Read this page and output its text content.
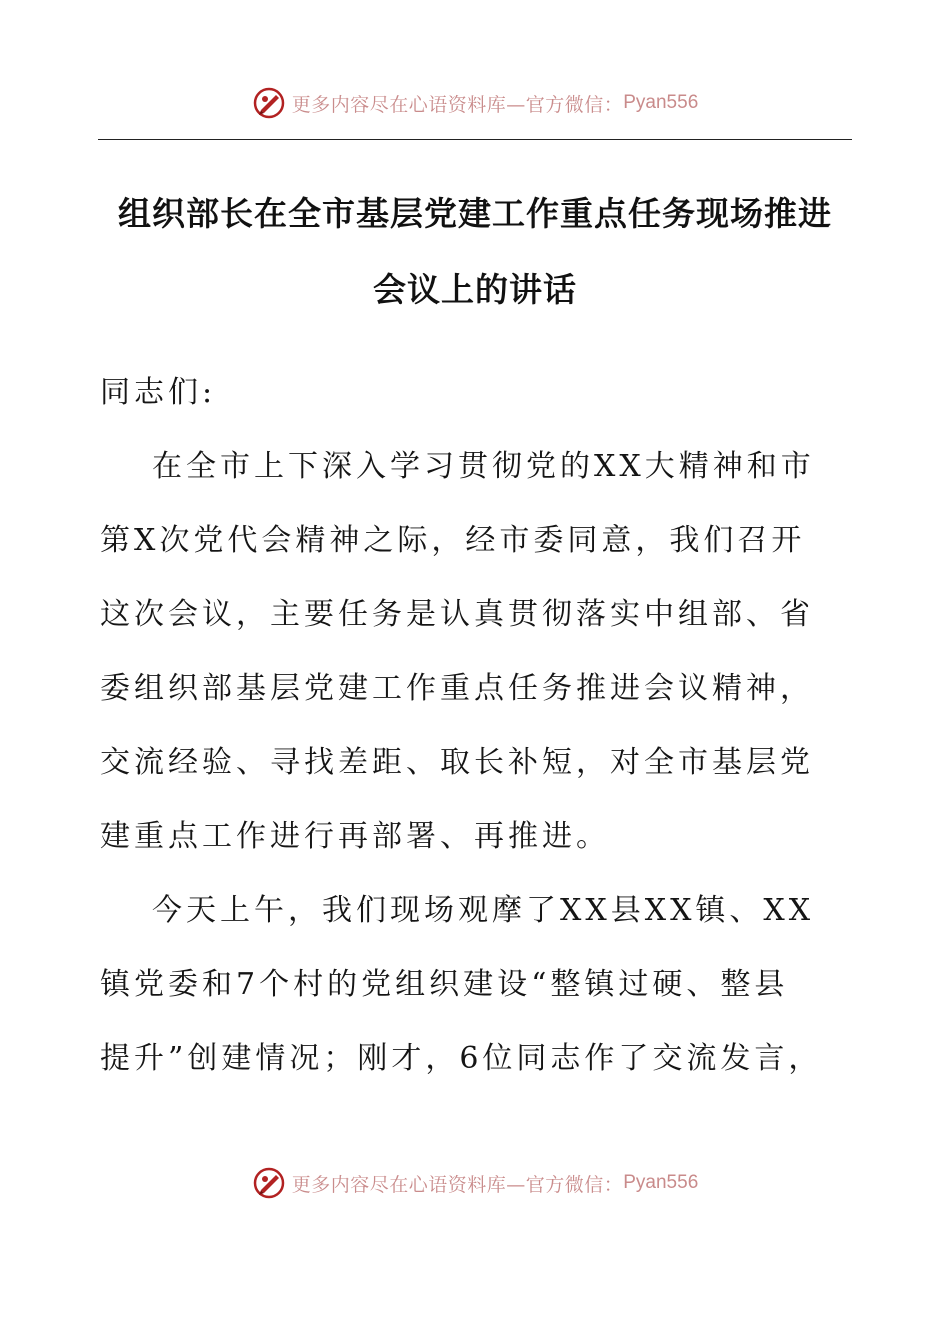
更多内容尽在心语资料库—官方微信： Pyan556
组织部长在全市基层党建工作重点任务现场推进
会议上的讲话
同志们:
在全市上下深入学习贯彻党的XX大精神和市
第X次党代会精神之际，经市委同意，我们召开
这次会议，主要任务是认真贯彻落实中组部、省
委组织部基层党建工作重点任务推进会议精神，
交流经验、寻找差距、取长补短，对全市基层党
建重点工作进行再部署、再推进。
今天上午，我们现场观摩了XX县XX镇、XX
镇党委和7个村的党组织建设“整镇过硬、整县
提升”创建情况；刚才，6位同志作了交流发言，
更多内容尽在心语资料库—官方微信： Pyan556
